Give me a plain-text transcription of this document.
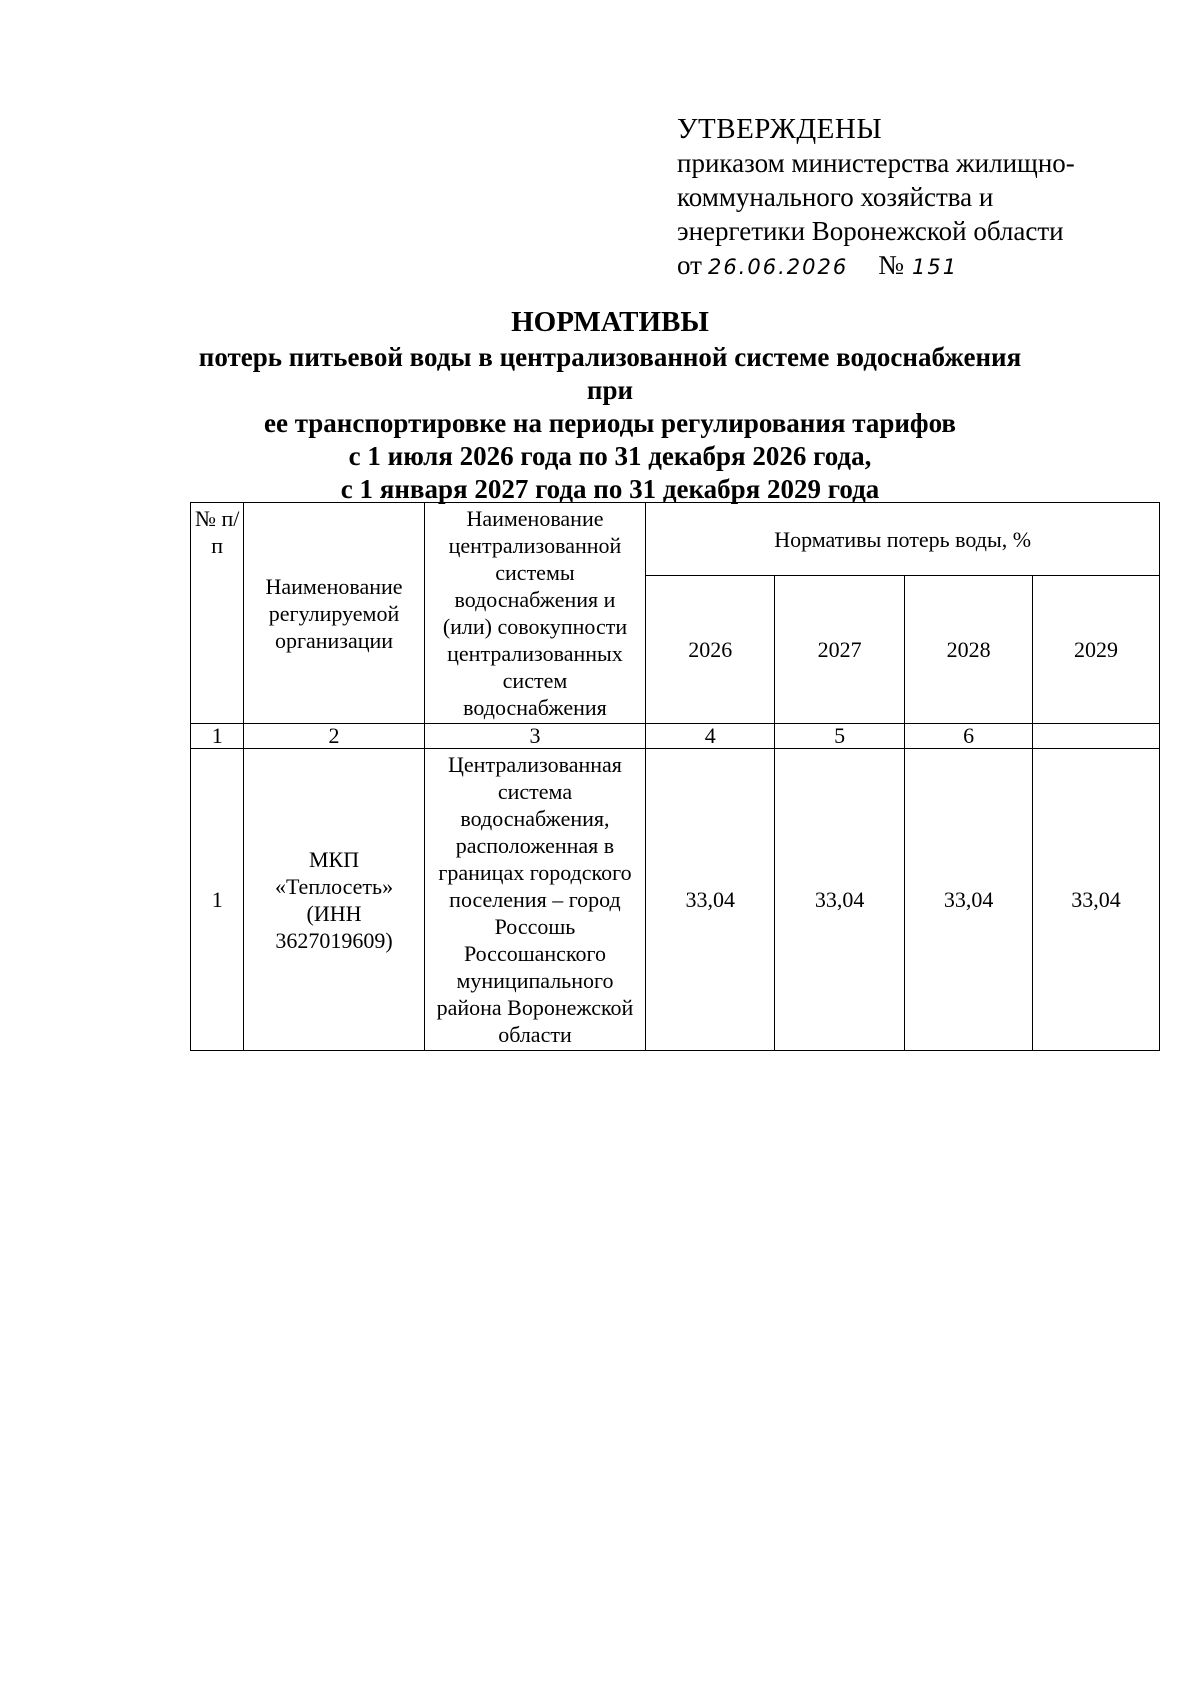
УТВЕРЖДЕНЫ
приказом министерства жилищно-
коммунального хозяйства и
энергетики Воронежской области
от 26.06.2026 № 151
НОРМАТИВЫ
потерь питьевой воды в централизованной системе водоснабжения при
ее транспортировке на периоды регулирования тарифов
с 1 июля 2026 года по 31 декабря 2026 года,
с 1 января 2027 года по 31 декабря 2029 года
№ п/п	Наименование регулируемой организации	Наименование централизованной системы водоснабжения и (или) совокупности централизованных систем водоснабжения	Нормативы потерь воды, %			
			2026	2027	2028	2029
1	2	3	4	5	6	
1	МКП «Теплосеть» (ИНН 3627019609)	Централизованная система водоснабжения, расположенная в границах городского поселения – город Россошь Россошанского муниципального района Воронежской области	33,04	33,04	33,04	33,04
